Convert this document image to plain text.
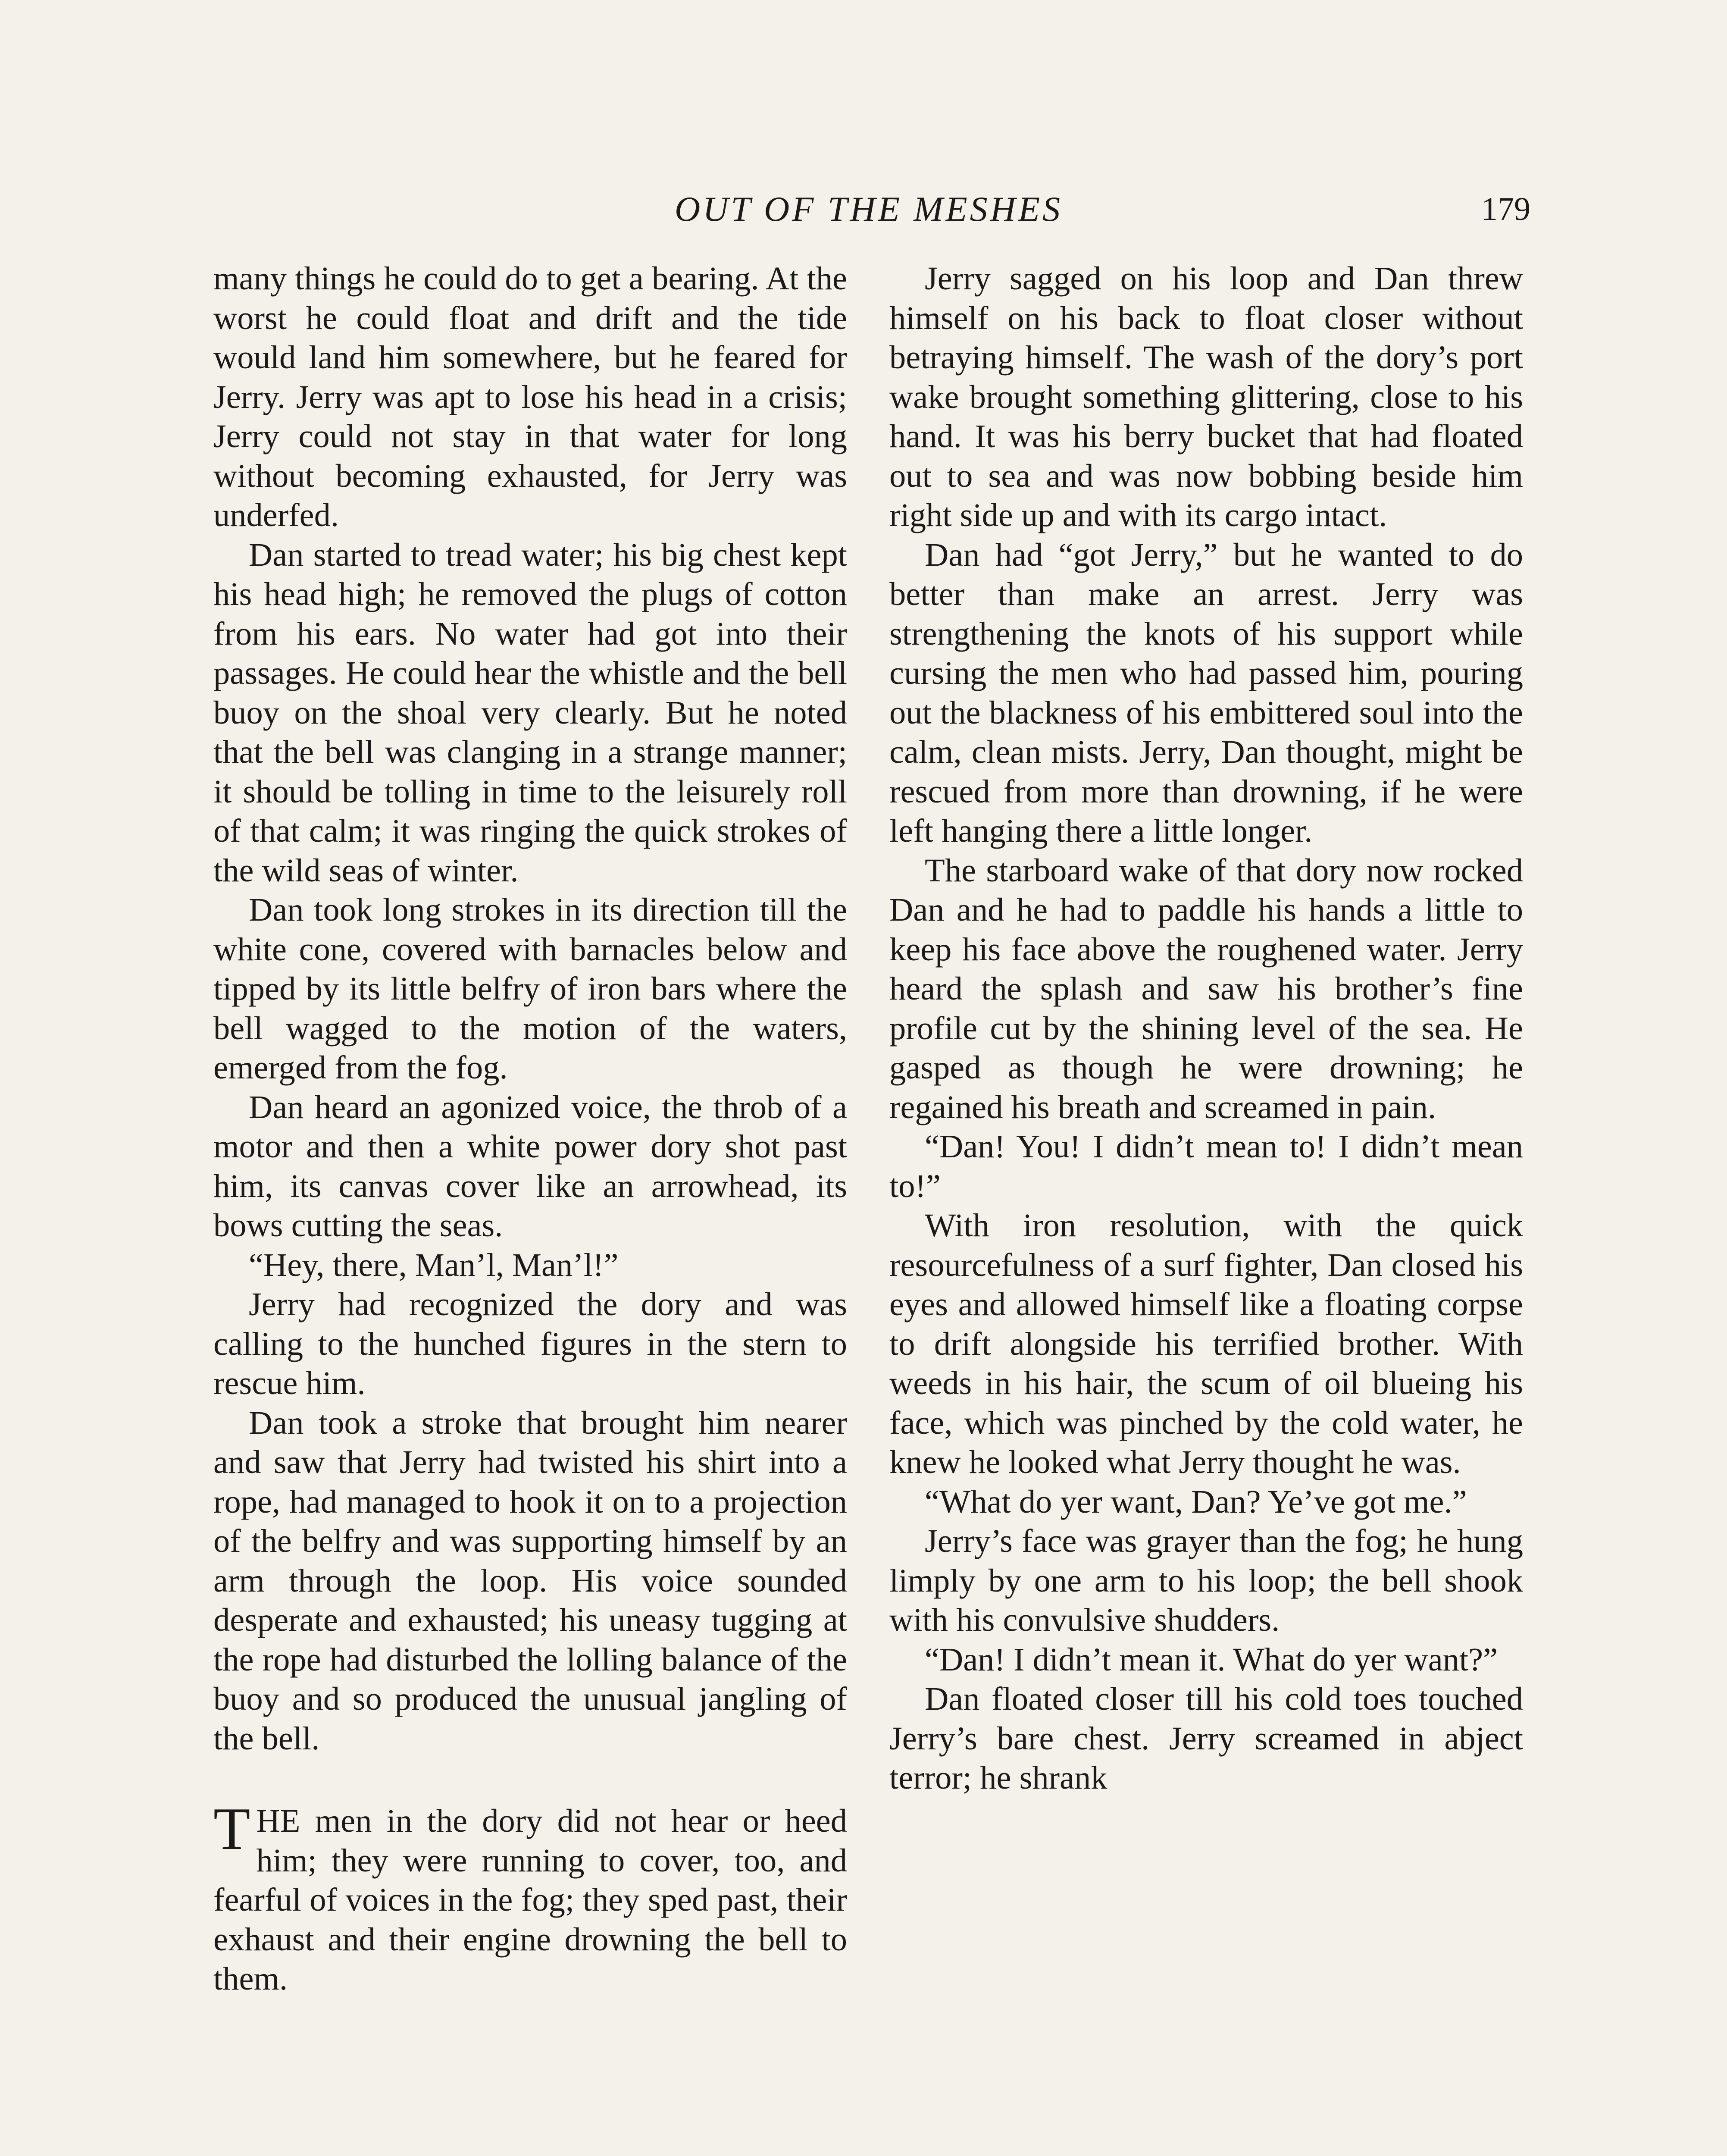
OUT OF THE MESHES	179

many things he could do to get a bearing. At the worst he could float and drift and the tide would land him somewhere, but he feared for Jerry. Jerry was apt to lose his head in a crisis; Jerry could not stay in that water for long without becoming exhausted, for Jerry was underfed.

Dan started to tread water; his big chest kept his head high; he removed the plugs of cotton from his ears. No water had got into their passages. He could hear the whistle and the bell buoy on the shoal very clearly. But he noted that the bell was clanging in a strange manner; it should be tolling in time to the leisurely roll of that calm; it was ringing the quick strokes of the wild seas of winter.

Dan took long strokes in its direction till the white cone, covered with barnacles below and tipped by its little belfry of iron bars where the bell wagged to the motion of the waters, emerged from the fog.

Dan heard an agonized voice, the throb of a motor and then a white power dory shot past him, its canvas cover like an arrowhead, its bows cutting the seas.

“Hey, there, Man’l, Man’l!”

Jerry had recognized the dory and was calling to the hunched figures in the stern to rescue him.

Dan took a stroke that brought him nearer and saw that Jerry had twisted his shirt into a rope, had managed to hook it on to a projection of the belfry and was supporting himself by an arm through the loop. His voice sounded desperate and exhausted; his uneasy tugging at the rope had disturbed the lolling balance of the buoy and so produced the unusual jangling of the bell.

THE men in the dory did not hear or heed him; they were running to cover, too, and fearful of voices in the fog; they sped past, their exhaust and their engine drowning the bell to them.

Jerry sagged on his loop and Dan threw himself on his back to float closer without betraying himself. The wash of the dory’s port wake brought something glittering, close to his hand. It was his berry bucket that had floated out to sea and was now bobbing beside him right side up and with its cargo intact.

Dan had “got Jerry,” but he wanted to do better than make an arrest. Jerry was strengthening the knots of his support while cursing the men who had passed him, pouring out the blackness of his embittered soul into the calm, clean mists. Jerry, Dan thought, might be rescued from more than drowning, if he were left hanging there a little longer.

The starboard wake of that dory now rocked Dan and he had to paddle his hands a little to keep his face above the roughened water. Jerry heard the splash and saw his brother’s fine profile cut by the shining level of the sea. He gasped as though he were drowning; he regained his breath and screamed in pain.

“Dan! You! I didn’t mean to! I didn’t mean to!”

With iron resolution, with the quick resourcefulness of a surf fighter, Dan closed his eyes and allowed himself like a floating corpse to drift alongside his terrified brother. With weeds in his hair, the scum of oil blueing his face, which was pinched by the cold water, he knew he looked what Jerry thought he was.

“What do yer want, Dan? Ye’ve got me.”

Jerry’s face was grayer than the fog; he hung limply by one arm to his loop; the bell shook with his convulsive shudders.

“Dan! I didn’t mean it. What do yer want?”

Dan floated closer till his cold toes touched Jerry’s bare chest. Jerry screamed in abject terror; he shrank
